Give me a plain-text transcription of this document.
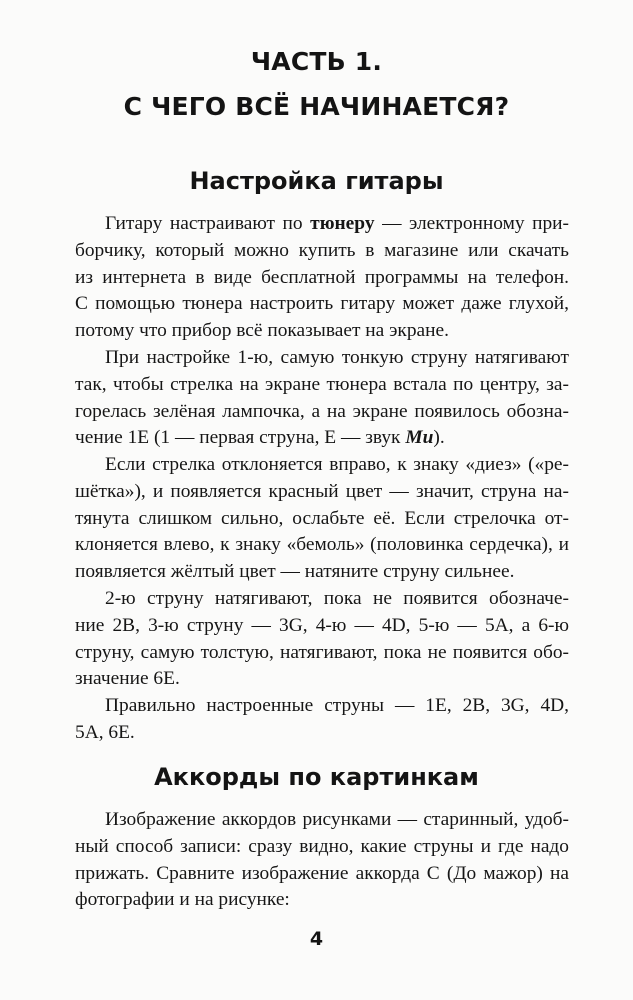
ЧАСТЬ 1.
С ЧЕГО ВСЁ НАЧИНАЕТСЯ?
Настройка гитары

Гитару настраивают по тюнеру — электронному при-
борчику, который можно купить в магазине или скачать
из интернета в виде бесплатной программы на телефон.
С помощью тюнера настроить гитару может даже глухой,
потому что прибор всё показывает на экране.

При настройке 1-ю, самую тонкую струну натягивают
так, чтобы стрелка на экране тюнера встала по центру, за-
горелась зелёная лампочка, а на экране появилось обозна-
чение 1E (1 — первая струна, E — звук Ми).

Если стрелка отклоняется вправо, к знаку «диез» («ре-
шётка»), и появляется красный цвет — значит, струна на-
тянута слишком сильно, ослабьте её. Если стрелочка от-
клоняется влево, к знаку «бемоль» (половинка сердечка), и
появляется жёлтый цвет — натяните струну сильнее.

2-ю струну натягивают, пока не появится обозначе-
ние 2B, 3-ю струну — 3G, 4-ю — 4D, 5-ю — 5A, а 6-ю
струну, самую толстую, натягивают, пока не появится обо-
значение 6E.

Правильно настроенные струны — 1E, 2B, 3G, 4D,
5A, 6E.

Аккорды по картинкам

Изображение аккордов рисунками — старинный, удоб-
ный способ записи: сразу видно, какие струны и где надо
прижать. Сравните изображение аккорда C (До мажор) на
фотографии и на рисунке:

4
